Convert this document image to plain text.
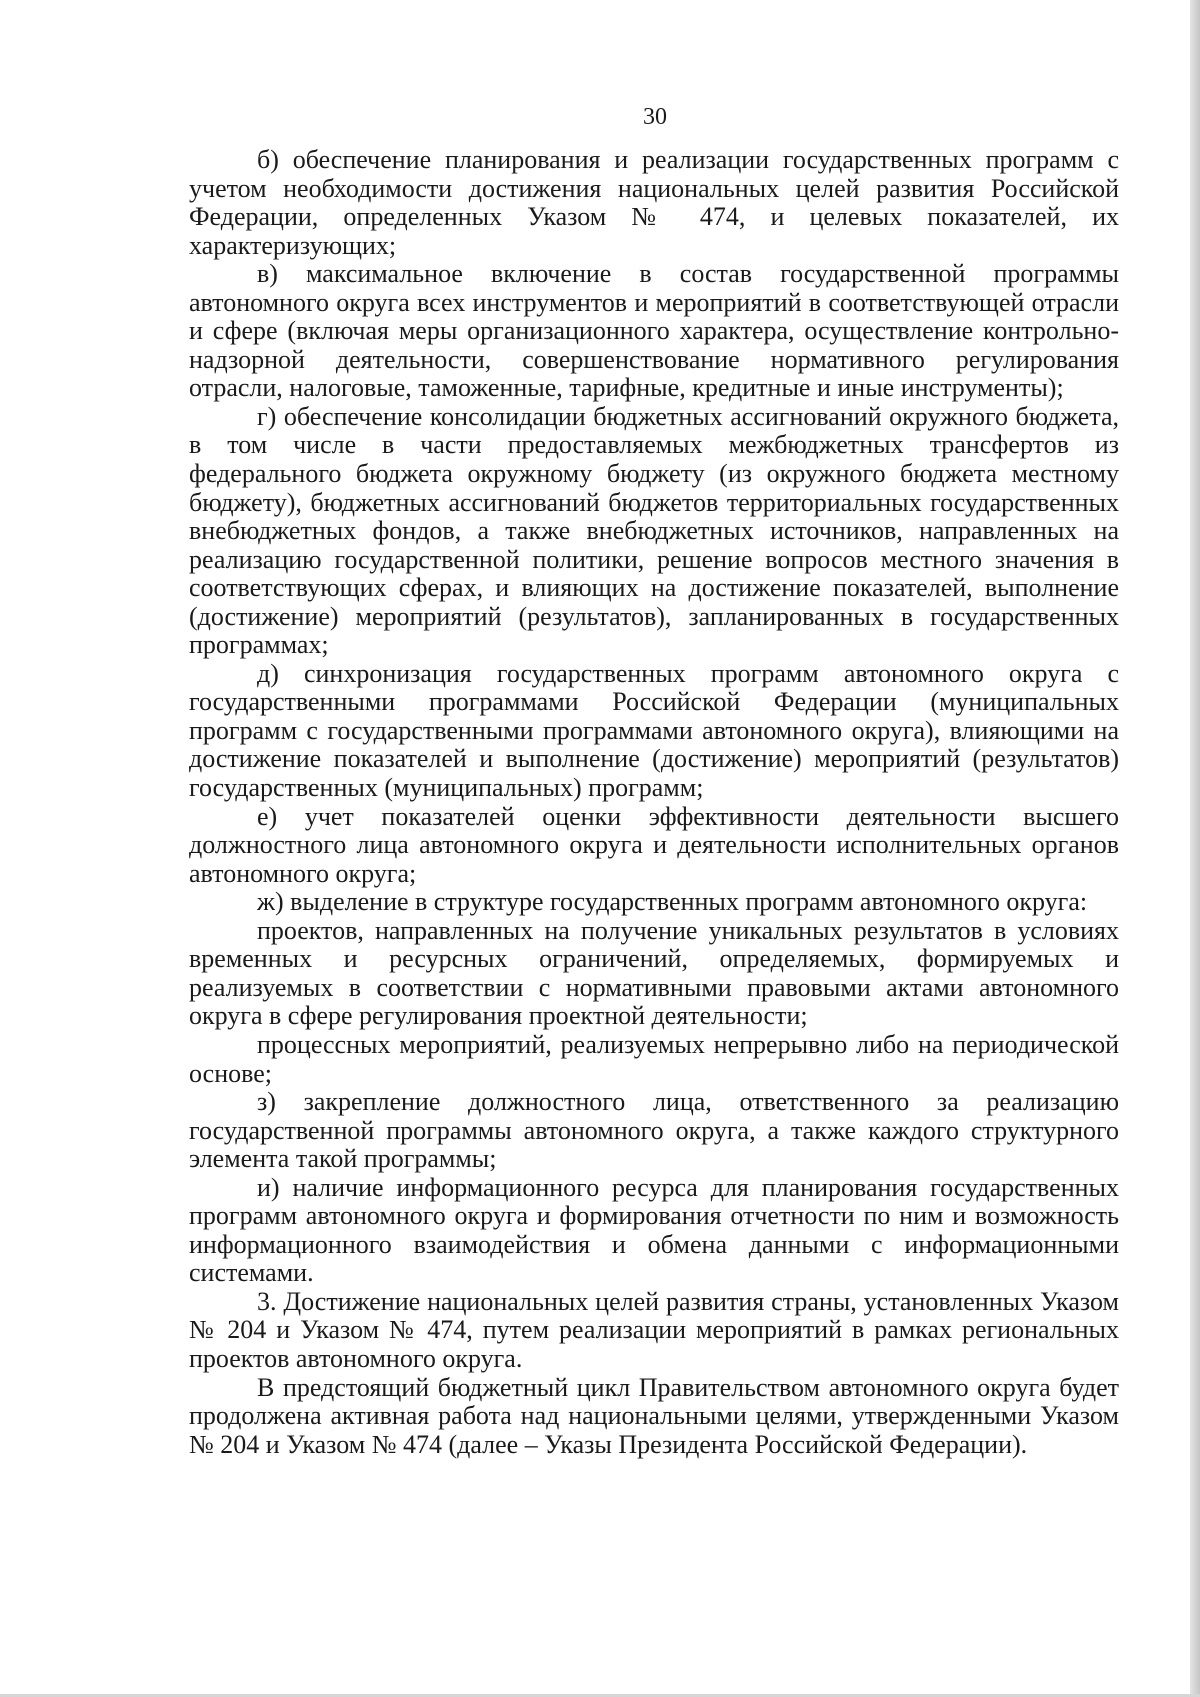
30

б) обеспечение планирования и реализации государственных программ с учетом необходимости достижения национальных целей развития Российской Федерации, определенных Указом № 474, и целевых показателей, их характеризующих;

в) максимальное включение в состав государственной программы автономного округа всех инструментов и мероприятий в соответствующей отрасли и сфере (включая меры организационного характера, осуществление контрольно-надзорной деятельности, совершенствование нормативного регулирования отрасли, налоговые, таможенные, тарифные, кредитные и иные инструменты);

г) обеспечение консолидации бюджетных ассигнований окружного бюджета, в том числе в части предоставляемых межбюджетных трансфертов из федерального бюджета окружному бюджету (из окружного бюджета местному бюджету), бюджетных ассигнований бюджетов территориальных государственных внебюджетных фондов, а также внебюджетных источников, направленных на реализацию государственной политики, решение вопросов местного значения в соответствующих сферах, и влияющих на достижение показателей, выполнение (достижение) мероприятий (результатов), запланированных в государственных программах;

д) синхронизация государственных программ автономного округа с государственными программами Российской Федерации (муниципальных программ с государственными программами автономного округа), влияющими на достижение показателей и выполнение (достижение) мероприятий (результатов) государственных (муниципальных) программ;

е) учет показателей оценки эффективности деятельности высшего должностного лица автономного округа и деятельности исполнительных органов автономного округа;

ж) выделение в структуре государственных программ автономного округа:

проектов, направленных на получение уникальных результатов в условиях временных и ресурсных ограничений, определяемых, формируемых и реализуемых в соответствии с нормативными правовыми актами автономного округа в сфере регулирования проектной деятельности;

процессных мероприятий, реализуемых непрерывно либо на периодической основе;

з) закрепление должностного лица, ответственного за реализацию государственной программы автономного округа, а также каждого структурного элемента такой программы;

и) наличие информационного ресурса для планирования государственных программ автономного округа и формирования отчетности по ним и возможность информационного взаимодействия и обмена данными с информационными системами.

3. Достижение национальных целей развития страны, установленных Указом № 204 и Указом № 474, путем реализации мероприятий в рамках региональных проектов автономного округа.

В предстоящий бюджетный цикл Правительством автономного округа будет продолжена активная работа над национальными целями, утвержденными Указом № 204 и Указом № 474 (далее – Указы Президента Российской Федерации).
